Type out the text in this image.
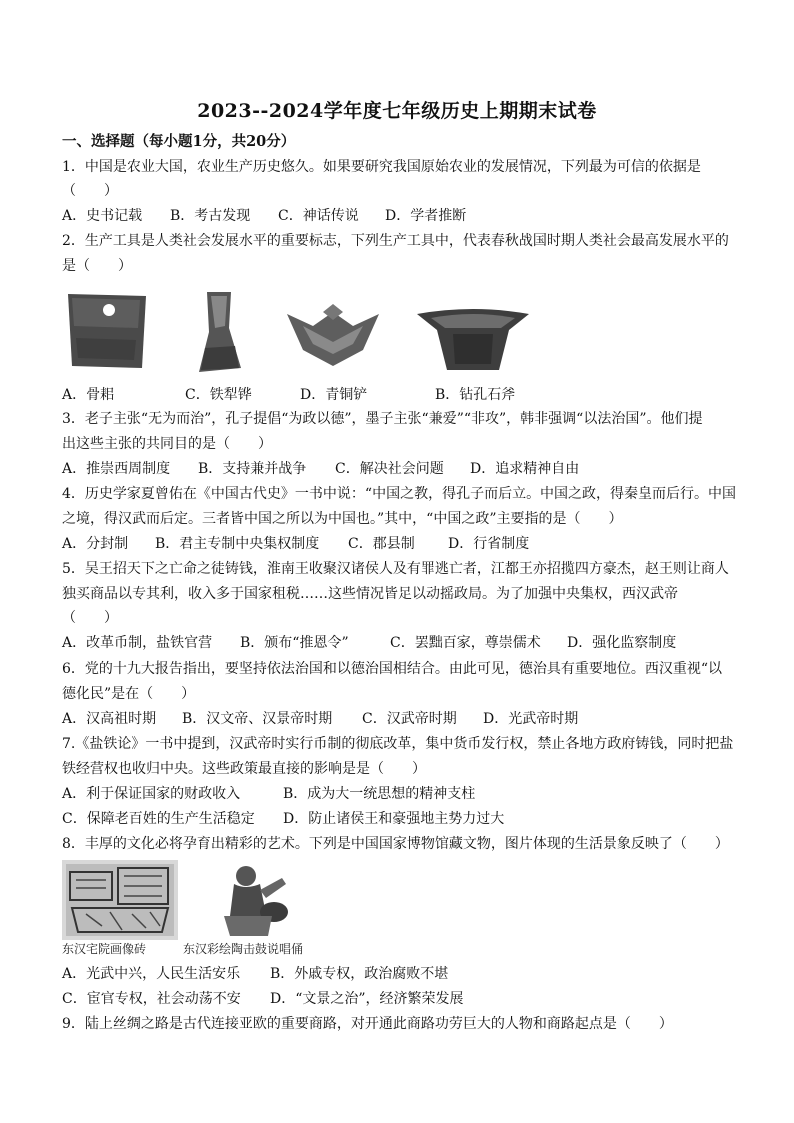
2023--2024学年度七年级历史上期期末试卷
一、选择题（每小题1分，共20分）
1．中国是农业大国，农业生产历史悠久。如果要研究我国原始农业的发展情况，下列最为可信的依据是
（　　）
A．史书记载 B．考古发现 C．神话传说 D．学者推断
2．生产工具是人类社会发展水平的重要标志，下列生产工具中，代表春秋战国时期人类社会最高发展水平的
是（　　）
A．骨耜	C．铁犁铧	D．青铜铲	B．钻孔石斧
3．老子主张“无为而治”，孔子提倡“为政以德”，墨子主张“兼爱”“非攻”，韩非强调“以法治国”。他们提
出这些主张的共同目的是（　　）
A．推崇西周制度 B．支持兼并战争 C．解决社会问题 D．追求精神自由
4．历史学家夏曾佑在《中国古代史》一书中说：“中国之教，得孔子而后立。中国之政，得秦皇而后行。中国
之境，得汉武而后定。三者皆中国之所以为中国也。”其中，“中国之政”主要指的是（　　）
A．分封制 B．君主专制中央集权制度 C．郡县制 D．行省制度
5．吴王招天下之亡命之徒铸钱，淮南王收聚汉诸侯人及有罪逃亡者，江都王亦招揽四方豪杰，赵王则让商人
独买商品以专其利，收入多于国家租税……这些情况皆足以动摇政局。为了加强中央集权，西汉武帝
（　　）
A．改革币制，盐铁官营 B．颁布“推恩令”	C．罢黜百家，尊崇儒术 D．强化监察制度
6．党的十九大报告指出，要坚持依法治国和以德治国相结合。由此可见，德治具有重要地位。西汉重视“以
德化民”是在（　　）
A．汉高祖时期 B．汉文帝、汉景帝时期 C．汉武帝时期 D．光武帝时期
7.《盐铁论》一书中提到，汉武帝时实行币制的彻底改革，集中货币发行权，禁止各地方政府铸钱，同时把盐
铁经营权也收归中央。这些政策最直接的影响是是（　　）
A．利于保证国家的财政收入	B．成为大一统思想的精神支柱
C．保障老百姓的生产生活稳定 D．防止诸侯王和豪强地主势力过大
8．丰厚的文化必将孕育出精彩的艺术。下列是中国国家博物馆藏文物，图片体现的生活景象反映了（　　）
东汉宅院画像砖	东汉彩绘陶击鼓说唱俑
A．光武中兴，人民生活安乐 B．外戚专权，政治腐败不堪
C．宦官专权，社会动荡不安 D．“文景之治”，经济繁荣发展
9．陆上丝绸之路是古代连接亚欧的重要商路，对开通此商路功劳巨大的人物和商路起点是（　　）
